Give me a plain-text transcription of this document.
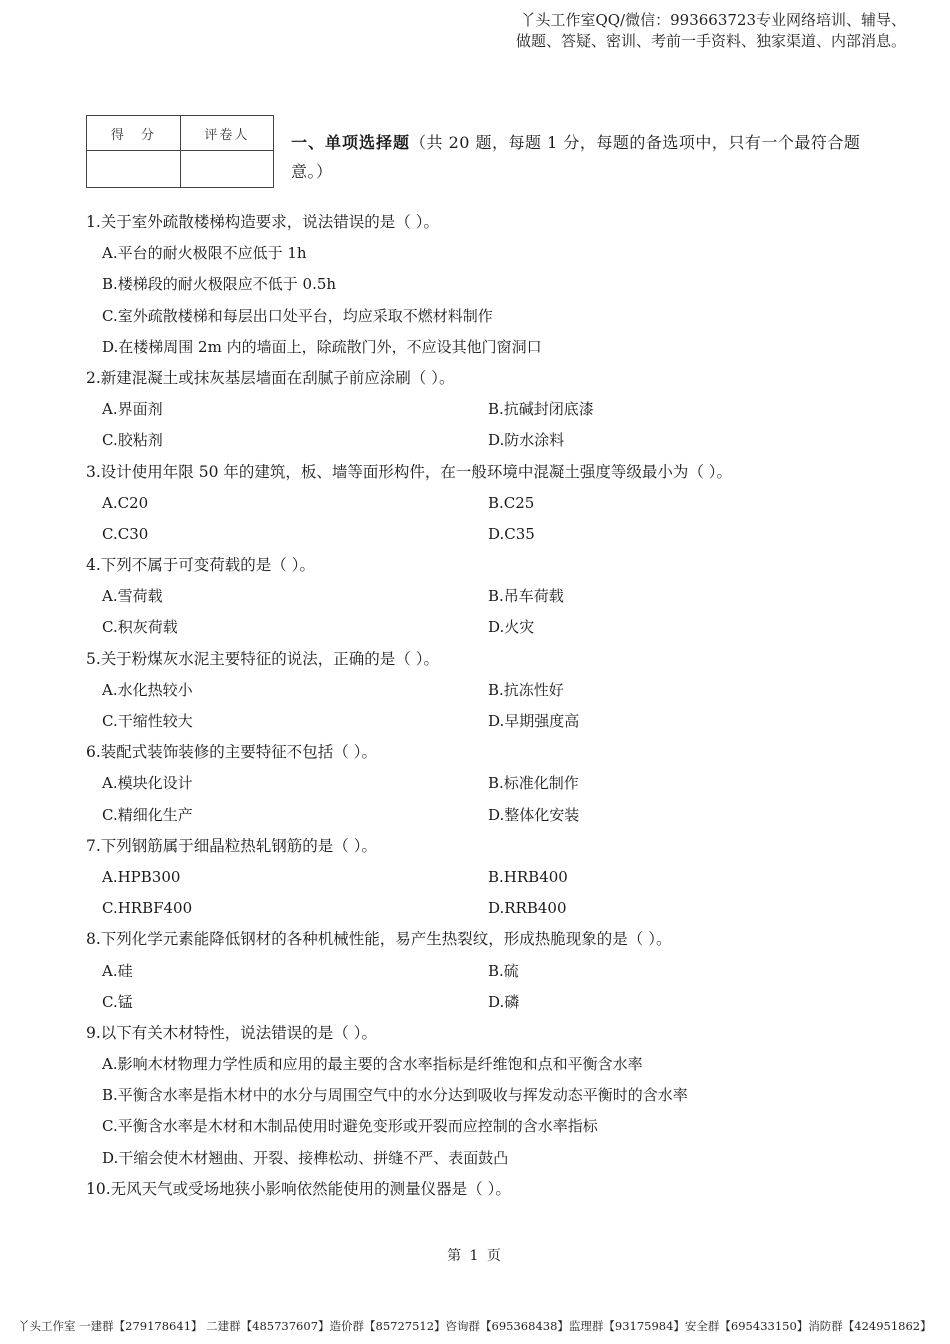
丫头工作室QQ/微信：993663723专业网络培训、辅导、
做题、答疑、密训、考前一手资料、独家渠道、内部消息。
得　分	评卷人
		一、单项选择题（共 20 题，每题 1 分，每题的备选项中，只有一个最符合题意。）
1.关于室外疏散楼梯构造要求，说法错误的是（ ）。
A.平台的耐火极限不应低于 1h
B.楼梯段的耐火极限应不低于 0.5h
C.室外疏散楼梯和每层出口处平台，均应采取不燃材料制作
D.在楼梯周围 2m 内的墙面上，除疏散门外，不应设其他门窗洞口
2.新建混凝土或抹灰基层墙面在刮腻子前应涂刷（ ）。
A.界面剂	B.抗碱封闭底漆
C.胶粘剂	D.防水涂料
3.设计使用年限 50 年的建筑，板、墙等面形构件，在一般环境中混凝土强度等级最小为（ ）。
A.C20	B.C25
C.C30	D.C35
4.下列不属于可变荷载的是（ ）。
A.雪荷载	B.吊车荷载
C.积灰荷载	D.火灾
5.关于粉煤灰水泥主要特征的说法，正确的是（ ）。
A.水化热较小	B.抗冻性好
C.干缩性较大	D.早期强度高
6.装配式装饰装修的主要特征不包括（ ）。
A.模块化设计	B.标准化制作
C.精细化生产	D.整体化安装
7.下列钢筋属于细晶粒热轧钢筋的是（ ）。
A.HPB300	B.HRB400
C.HRBF400	D.RRB400
8.下列化学元素能降低钢材的各种机械性能，易产生热裂纹，形成热脆现象的是（ ）。
A.硅	B.硫
C.锰	D.磷
9.以下有关木材特性，说法错误的是（ ）。
A.影响木材物理力学性质和应用的最主要的含水率指标是纤维饱和点和平衡含水率
B.平衡含水率是指木材中的水分与周围空气中的水分达到吸收与挥发动态平衡时的含水率
C.平衡含水率是木材和木制品使用时避免变形或开裂而应控制的含水率指标
D.干缩会使木材翘曲、开裂、接榫松动、拼缝不严、表面鼓凸
10.无风天气或受场地狭小影响依然能使用的测量仪器是（ ）。
第 1 页
丫头工作室 一建群【279178641】 二建群【485737607】造价群【85727512】咨询群【695368438】监理群【93175984】安全群【695433150】消防群【424951862】
